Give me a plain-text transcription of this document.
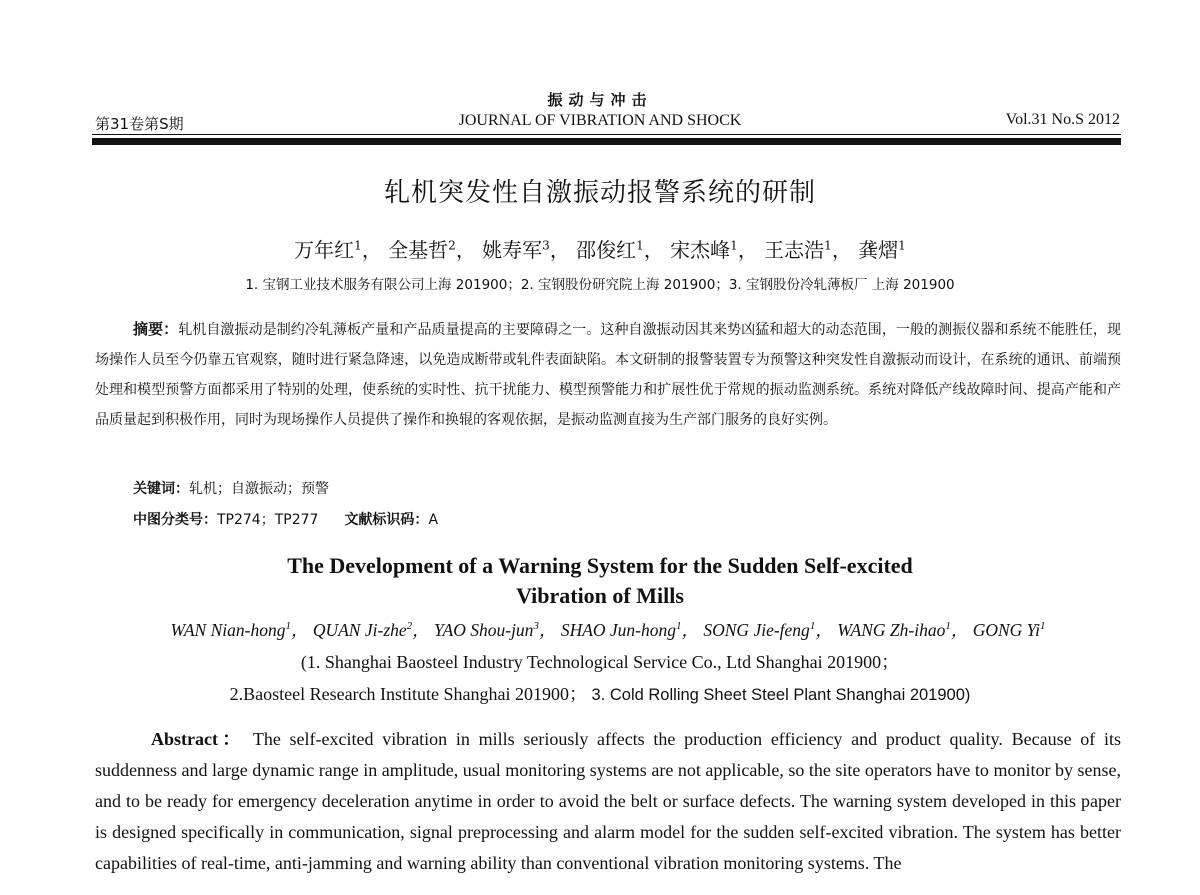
振动与冲击
第31卷第S期	JOURNAL OF VIBRATION AND SHOCK	Vol.31 No.S 2012
轧机突发性自激振动报警系统的研制
万年红$^1$， 全基哲$^2$， 姚寿军$^3$， 邵俊红$^1$， 宋杰峰$^1$， 王志浩$^1$， 龚熠$^1$
1. 宝钢工业技术服务有限公司上海 201900；2. 宝钢股份研究院上海 201900；3. 宝钢股份冷轧薄板厂 上海 201900
摘要：轧机自激振动是制约冷轧薄板产量和产品质量提高的主要障碍之一。这种自激振动因其来势凶猛和超大的动态范围，一般的测振仪器和系统不能胜任，现场操作人员至今仍靠五官观察，随时进行紧急降速，以免造成断带或轧件表面缺陷。本文研制的报警装置专为预警这种突发性自激振动而设计，在系统的通讯、前端预处理和模型预警方面都采用了特别的处理，使系统的实时性、抗干扰能力、模型预警能力和扩展性优于常规的振动监测系统。系统对降低产线故障时间、提高产能和产品质量起到积极作用，同时为现场操作人员提供了操作和换辊的客观依据，是振动监测直接为生产部门服务的良好实例。
关键词：轧机；自激振动；预警
中图分类号：TP274；TP277 文献标识码：A
The Development of a Warning System for the Sudden Self-excited
Vibration of Mills
WAN Nian-hong$^1$， QUAN Ji-zhe$^2$， YAO Shou-jun$^3$， SHAO Jun-hong$^1$， SONG Jie-feng$^1$， WANG Zh-ihao$^1$， GONG Yi$^1$
(1. Shanghai Baosteel Industry Technological Service Co., Ltd Shanghai 201900；
2.Baosteel Research Institute Shanghai 201900； 3. Cold Rolling Sheet Steel Plant Shanghai 201900)
Abstract： The self-excited vibration in mills seriously affects the production efficiency and product quality. Because of its suddenness and large dynamic range in amplitude, usual monitoring systems are not applicable, so the site operators have to monitor by sense, and to be ready for emergency deceleration anytime in order to avoid the belt or surface defects. The warning system developed in this paper is designed specifically in communication, signal preprocessing and alarm model for the sudden self-excited vibration. The system has better capabilities of real-time, anti-jamming and warning ability than conventional vibration monitoring systems. The
